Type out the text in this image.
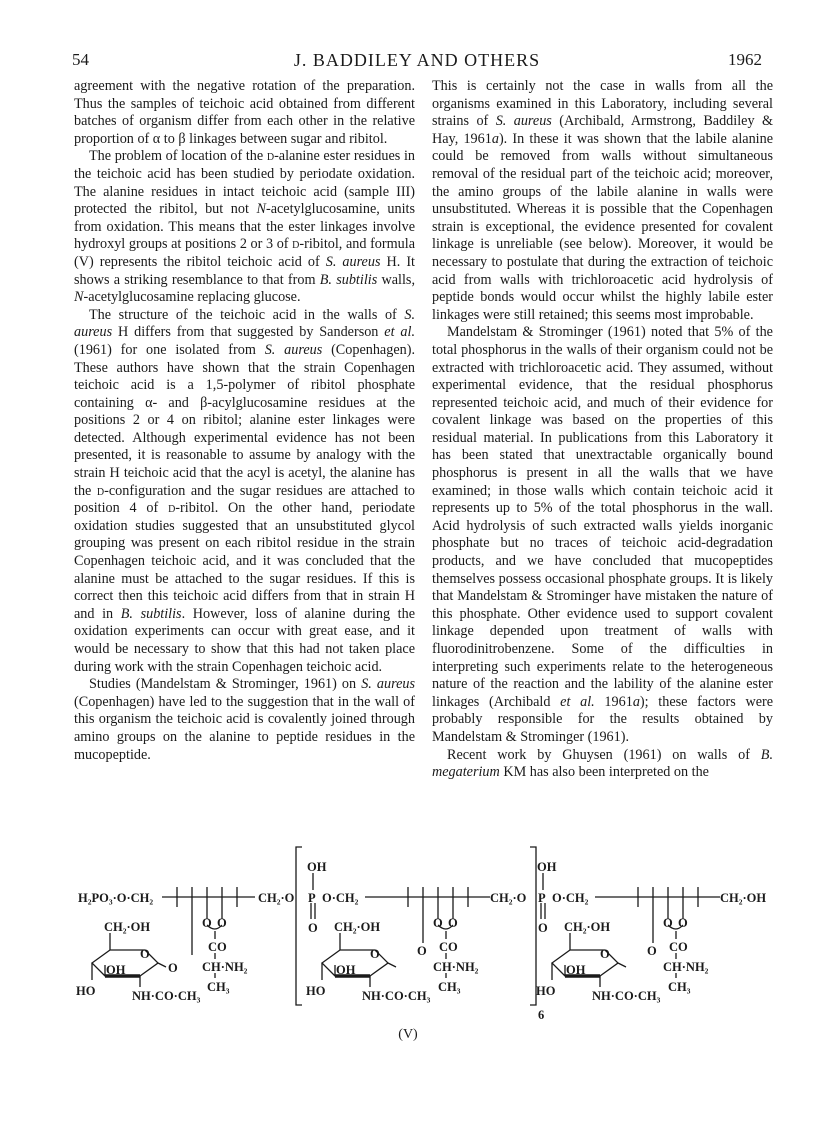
54	J. BADDILEY AND OTHERS	1962

agreement with the negative rotation of the preparation. Thus the samples of teichoic acid obtained from different batches of organism differ from each other in the relative proportion of α to β linkages between sugar and ribitol.

The problem of location of the d-alanine ester residues in the teichoic acid has been studied by periodate oxidation. The alanine residues in intact teichoic acid (sample III) protected the ribitol, but not N-acetylglucosamine, units from oxidation. This means that the ester linkages involve hydroxyl groups at positions 2 or 3 of d-ribitol, and formula (V) represents the ribitol teichoic acid of S. aureus H. It shows a striking resemblance to that from B. subtilis walls, N-acetylglucosamine replacing glucose.

The structure of the teichoic acid in the walls of S. aureus H differs from that suggested by Sanderson et al. (1961) for one isolated from S. aureus (Copenhagen). These authors have shown that the strain Copenhagen teichoic acid is a 1,5-polymer of ribitol phosphate containing α- and β-acylglucosamine residues at the positions 2 or 4 on ribitol; alanine ester linkages were detected. Although experimental evidence has not been presented, it is reasonable to assume by analogy with the strain H teichoic acid that the acyl is acetyl, the alanine has the d-configuration and the sugar residues are attached to position 4 of d-ribitol. On the other hand, periodate oxidation studies suggested that an unsubstituted glycol grouping was present on each ribitol residue in the strain Copenhagen teichoic acid, and it was concluded that the alanine must be attached to the sugar residues. If this is correct then this teichoic acid differs from that in strain H and in B. subtilis. However, loss of alanine during the oxidation experiments can occur with great ease, and it would be necessary to show that this had not taken place during work with the strain Copenhagen teichoic acid.

Studies (Mandelstam & Strominger, 1961) on S. aureus (Copenhagen) have led to the suggestion that in the wall of this organism the teichoic acid is covalently joined through amino groups on the alanine to peptide residues in the mucopeptide.

This is certainly not the case in walls from all the organisms examined in this Laboratory, including several strains of S. aureus (Archibald, Armstrong, Baddiley & Hay, 1961a). In these it was shown that the labile alanine could be removed from walls without simultaneous removal of the residual part of the teichoic acid; moreover, the amino groups of the labile alanine in walls were unsubstituted. Whereas it is possible that the Copenhagen strain is exceptional, the evidence presented for covalent linkage is unreliable (see below). Moreover, it would be necessary to postulate that during the extraction of teichoic acid from walls with trichloroacetic acid hydrolysis of peptide bonds would occur whilst the highly labile ester linkages were still retained; this seems most improbable.

Mandelstam & Strominger (1961) noted that 5% of the total phosphorus in the walls of their organism could not be extracted with trichloroacetic acid. They assumed, without experimental evidence, that the residual phosphorus represented teichoic acid, and much of their evidence for covalent linkage was based on the properties of this residual material. In publications from this Laboratory it has been stated that unextractable organically bound phosphorus is present in all the walls that we have examined; in those walls which contain teichoic acid it represents up to 5% of the total phosphorus in the wall. Acid hydrolysis of such extracted walls yields inorganic phosphate but no traces of teichoic acid-degradation products, and we have concluded that mucopeptides themselves possess occasional phosphate groups. It is likely that Mandelstam & Strominger have mistaken the nature of this phosphate. Other evidence used to support covalent linkage depended upon treatment of walls with fluorodinitrobenzene. Some of the difficulties in interpreting such experiments relate to the heterogeneous nature of the reaction and the lability of the alanine ester linkages (Archibald et al. 1961a); these factors were probably responsible for the results obtained by Mandelstam & Strominger (1961).

Recent work by Ghuysen (1961) on walls of B. megaterium KM has also been interpreted on the

H₂PO₃·O·CH₂	CH₂·O
CH₂·OH
O
OH
HO
O
NH·CO·CH₃
O O
CO
CH·NH₂
CH₃
OH
P O·CH₂
O
CH₂·O
CH₂·OH
O
OH
HO
O
NH·CO·CH₃
O O
CO
CH·NH₂
CH₃
OH
P O·CH₂
O
6
CH₂·OH
CH₂·OH
O
OH
HO
O
NH·CO·CH₃
O O
CO
CH·NH₂
CH₃
(V)
